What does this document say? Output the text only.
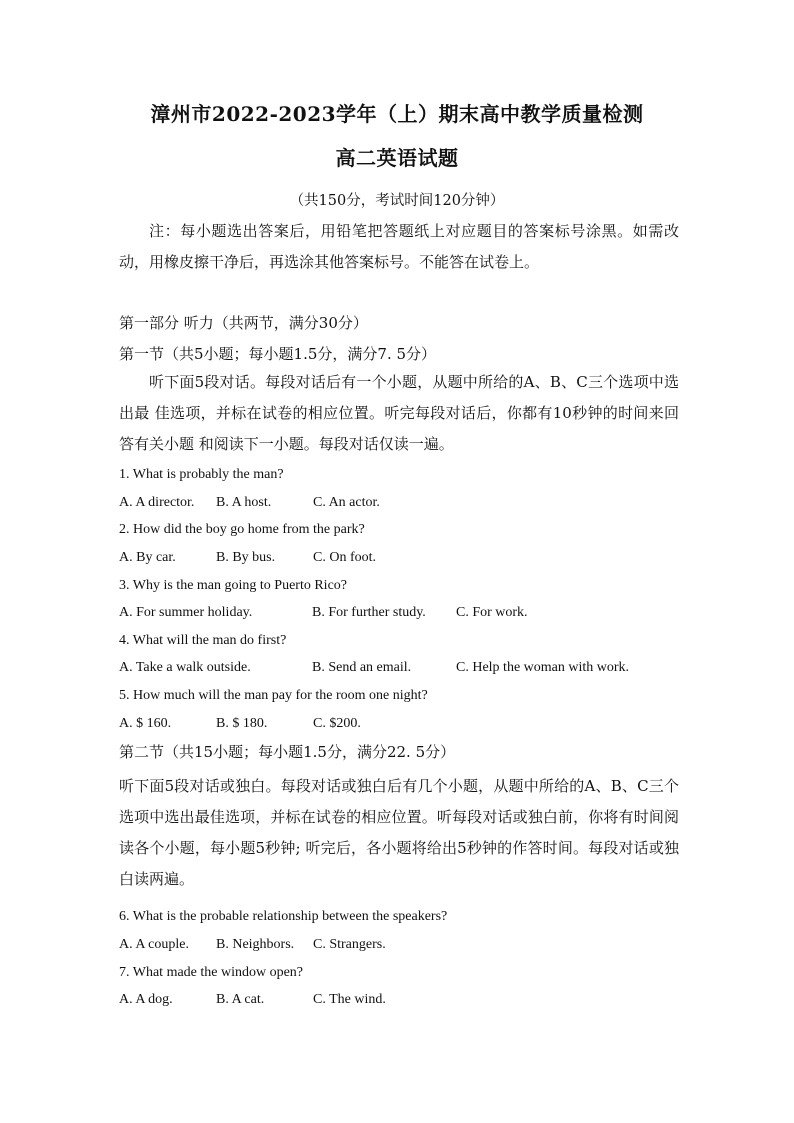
漳州市2022-2023学年（上）期末高中教学质量检测
高二英语试题
（共150分，考试时间120分钟）
注：每小题选出答案后，用铅笔把答题纸上对应题目的答案标号涂黑。如需改动，用橡皮擦干净后，再选涂其他答案标号。不能答在试卷上。
第一部分 听力（共两节，满分30分）
第一节（共5小题；每小题1.5分，满分7. 5分）
听下面5段对话。每段对话后有一个小题，从题中所给的A、B、C三个选项中选出最 佳选项，并标在试卷的相应位置。听完每段对话后，你都有10秒钟的时间来回答有关小题 和阅读下一小题。每段对话仅读一遍。
1. What is probably the man?
A. A director. B. A host.	C. An actor.
2. How did the boy go home from the park?
A. By car.	B. By bus.	C. On foot.
3. Why is the man going to Puerto Rico?
A. For summer holiday.	B. For further study. C. For work.
4. What will the man do first?
A. Take a walk outside.	B. Send an email.	C. Help the woman with work.
5. How much will the man pay for the room one night?
A. $ 160.	B. $ 180.	C. $200.
第二节（共15小题；每小题1.5分，满分22. 5分）
听下面5段对话或独白。每段对话或独白后有几个小题，从题中所给的A、B、C三个选项中选出最佳选项，并标在试卷的相应位置。听每段对话或独白前，你将有时间阅读各个小题，每小题5秒钟; 听完后，各小题将给出5秒钟的作答时间。每段对话或独白读两遍。
6. What is the probable relationship between the speakers?
A. A couple. B. Neighbors. C. Strangers.
7. What made the window open?
A. A dog.	B. A cat.	C. The wind.
